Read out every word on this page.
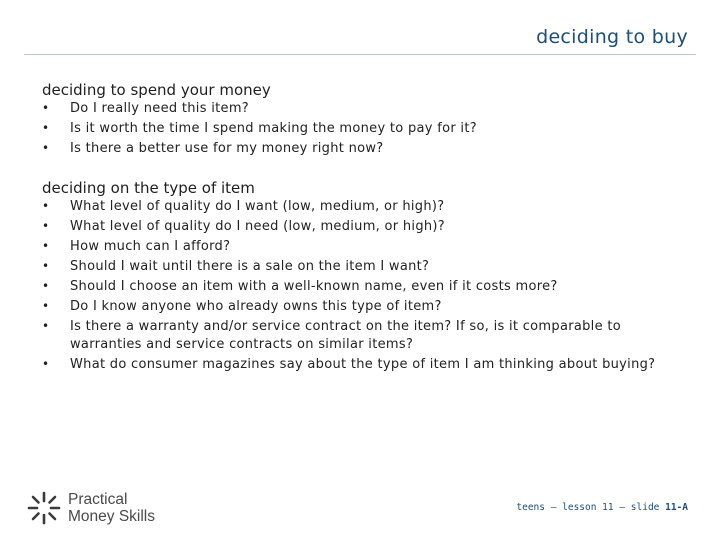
deciding to buy
deciding to spend your money
• Do I really need this item?
• Is it worth the time I spend making the money to pay for it?
• Is there a better use for my money right now?
deciding on the type of item
• What level of quality do I want (low, medium, or high)?
• What level of quality do I need (low, medium, or high)?
• How much can I afford?
• Should I wait until there is a sale on the item I want?
• Should I choose an item with a well-known name, even if it costs more?
• Do I know anyone who already owns this type of item?
• Is there a warranty and/or service contract on the item? If so, is it comparable to warranties and service contracts on similar items?
• What do consumer magazines say about the type of item I am thinking about buying?
Practical
Money Skills
teens – lesson 11 – slide 11-A
